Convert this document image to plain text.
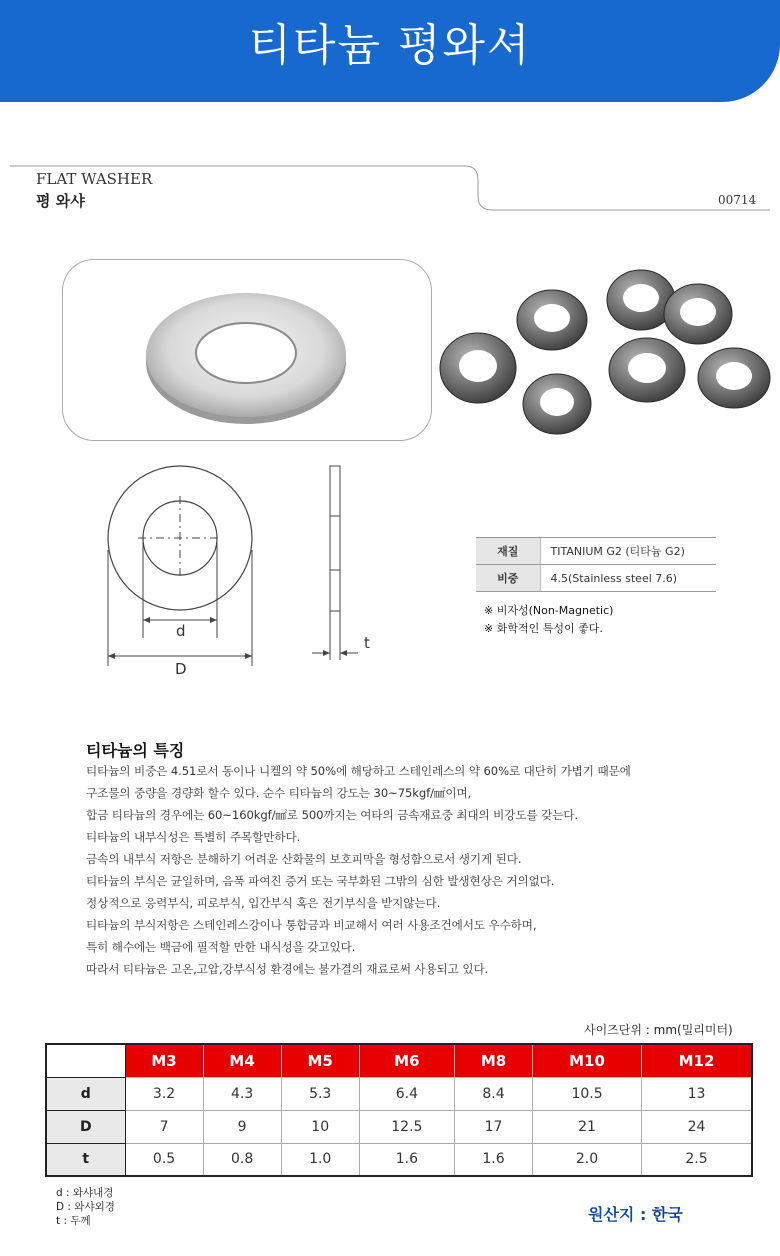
티타늄 평와셔
FLAT WASHER
평 와샤	00714
d
D
t
재질	TITANIUM G2 (티타늄 G2)
비중	4.5(Stainless steel 7.6)
※ 비자성(Non-Magnetic)
※ 화학적인 특성이 좋다.
티타늄의 특징
티타늄의 비중은 4.51로서 동이나 니켈의 약 50%에 해당하고 스테인레스의 약 60%로 대단히 가볍기 때문에
구조물의 중량을 경량화 할수 있다. 순수 티타늄의 강도는 30~75kgf/㎟이며,
합금 티타늄의 경우에는 60~160kgf/㎟로 500까지는 여타의 금속재료중 최대의 비강도를 갖는다.
티타늄의 내부식성은 특별히 주목할만하다.
금속의 내부식 저항은 분해하기 어려운 산화물의 보호피막을 형성함으로서 생기게 된다.
티타늄의 부식은 균일하며, 음푹 파여진 증거 또는 국부화된 그밖의 심한 발생현상은 거의없다.
정상적으로 응력부식, 피로부식, 입간부식 혹은 전기부식을 받지않는다.
티타늄의 부식저항은 스테인레스강이나 통합금과 비교해서 여러 사용조건에서도 우수하며,
특히 해수에는 백금에 필적할 만한 내식성을 갖고있다.
따라서 티타늄은 고온,고압,강부식성 환경에는 불가결의 재료로써 사용되고 있다.
사이즈단위 : mm(밀리미터)
	M3	M4	M5	M6	M8	M10	M12
d	3.2	4.3	5.3	6.4	8.4	10.5	13
D	7	9	10	12.5	17	21	24
t	0.5	0.8	1.0	1.6	1.6	2.0	2.5
d : 와샤내경
D : 와샤외경
t : 두께	원산지 : 한국
